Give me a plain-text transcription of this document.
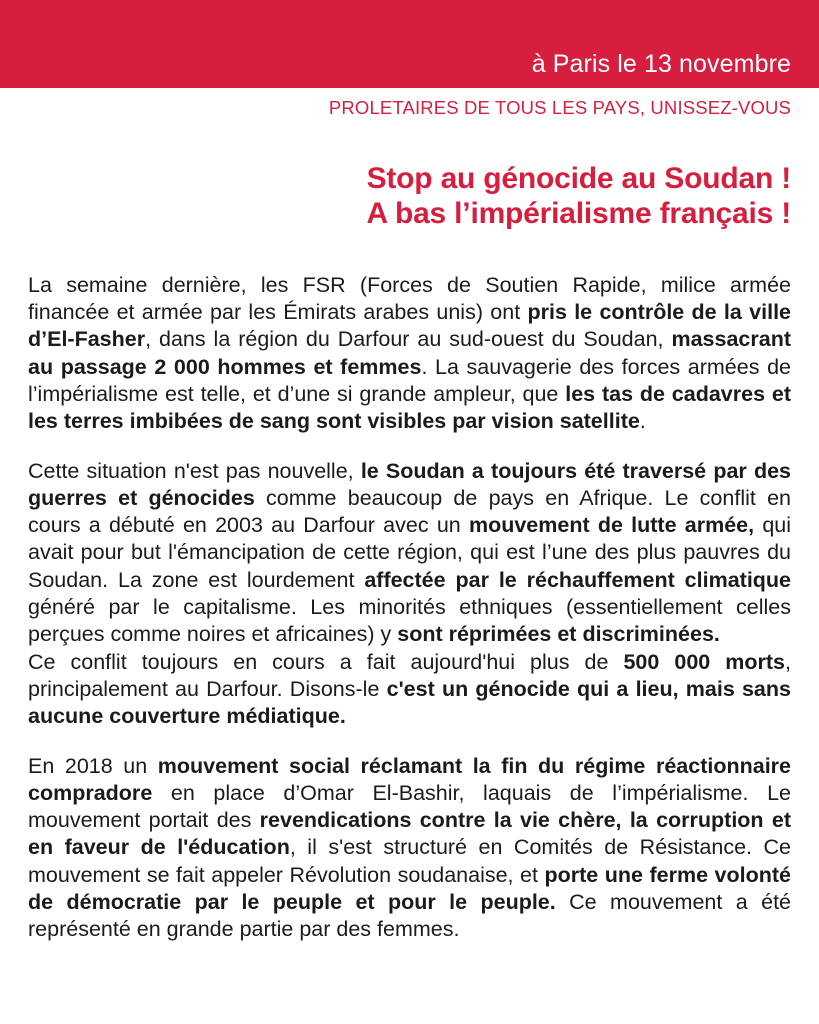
à Paris le 13 novembre
PROLETAIRES DE TOUS LES PAYS, UNISSEZ-VOUS
Stop au génocide au Soudan !
A bas l’impérialisme français !

La semaine dernière, les FSR (Forces de Soutien Rapide, milice armée financée et armée par les Émirats arabes unis) ont pris le contrôle de la ville d’El-Fasher, dans la région du Darfour au sud-ouest du Soudan, massacrant au passage 2 000 hommes et femmes. La sauvagerie des forces armées de l’impérialisme est telle, et d’une si grande ampleur, que les tas de cadavres et les terres imbibées de sang sont visibles par vision satellite.

Cette situation n'est pas nouvelle, le Soudan a toujours été traversé par des guerres et génocides comme beaucoup de pays en Afrique. Le conflit en cours a débuté en 2003 au Darfour avec un mouvement de lutte armée, qui avait pour but l'émancipation de cette région, qui est l’une des plus pauvres du Soudan. La zone est lourdement affectée par le réchauffement climatique généré par le capitalisme. Les minorités ethniques (essentiellement celles perçues comme noires et africaines) y sont réprimées et discriminées.

Ce conflit toujours en cours a fait aujourd'hui plus de 500 000 morts, principalement au Darfour. Disons-le c'est un génocide qui a lieu, mais sans aucune couverture médiatique.

En 2018 un mouvement social réclamant la fin du régime réactionnaire compradore en place d’Omar El-Bashir, laquais de l’impérialisme. Le mouvement portait des revendications contre la vie chère, la corruption et en faveur de l'éducation, il s'est structuré en Comités de Résistance. Ce mouvement se fait appeler Révolution soudanaise, et porte une ferme volonté de démocratie par le peuple et pour le peuple. Ce mouvement a été représenté en grande partie par des femmes.
